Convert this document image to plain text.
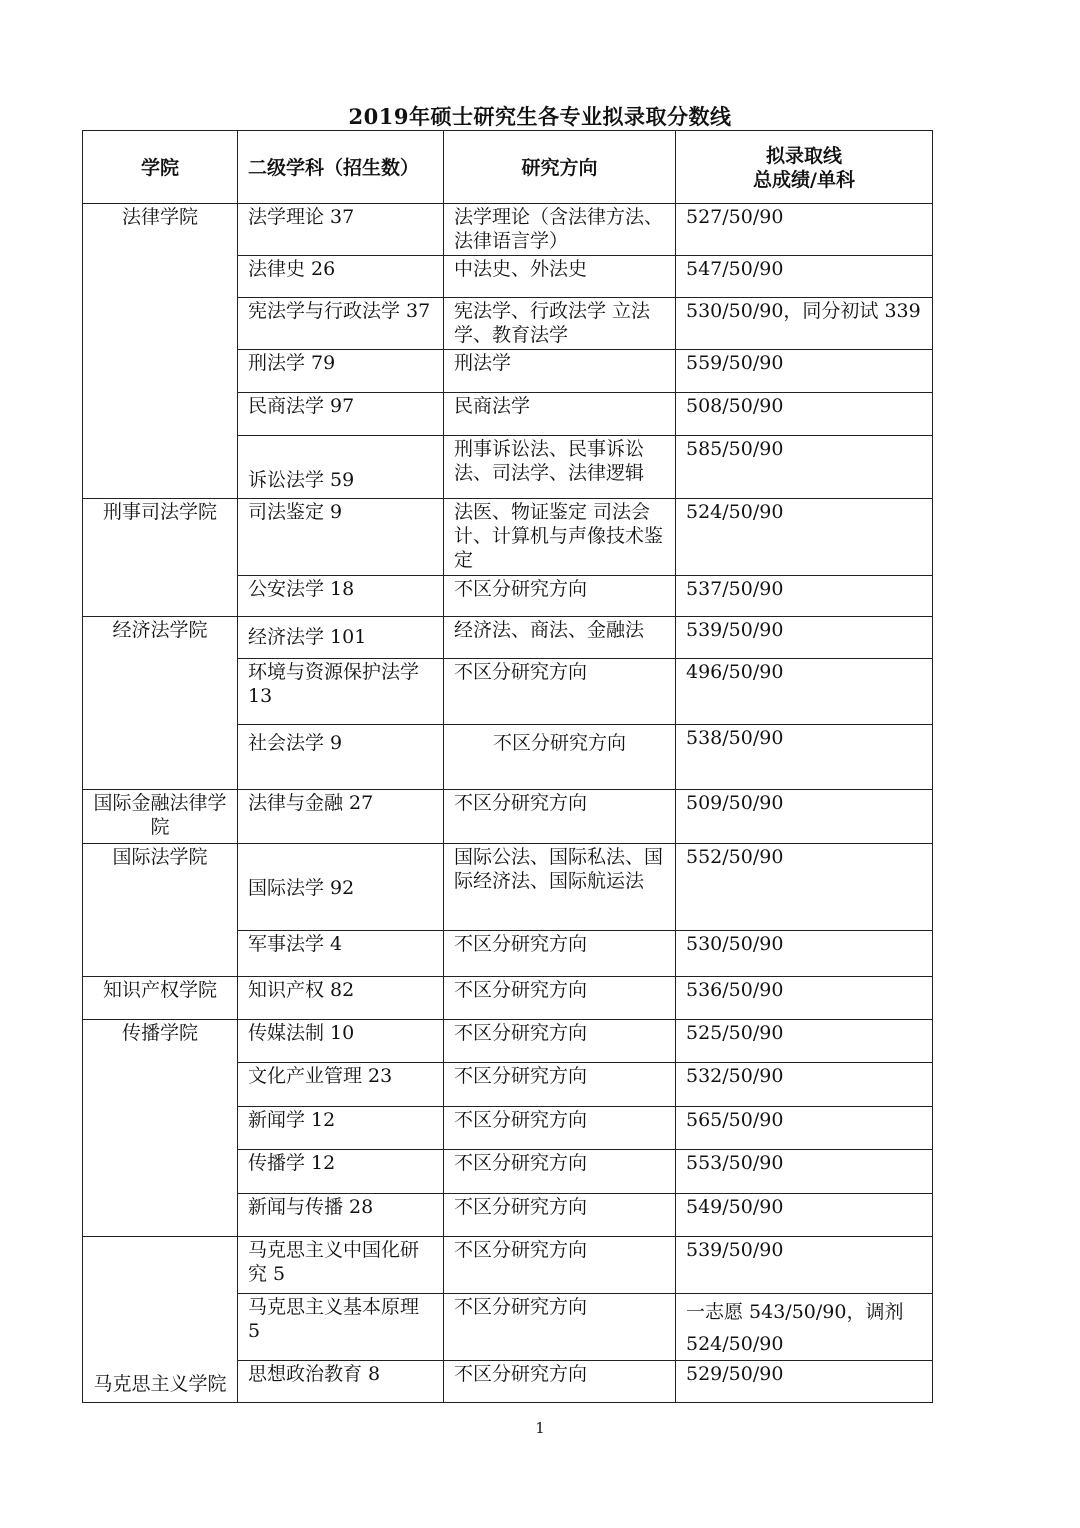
2019年硕士研究生各专业拟录取分数线
学院	二级学科（招生数）	研究方向	拟录取线
总成绩/单科

法律学院	法学理论 37	法学理论（含法律方法、法律语言学）	527/50/90
	法律史 26	中法史、外法史	547/50/90
	宪法学与行政法学 37	宪法学、行政法学 立法学、教育法学	530/50/90，同分初试 339
	刑法学 79	刑法学	559/50/90
	民商法学 97	民商法学	508/50/90
	诉讼法学 59	刑事诉讼法、民事诉讼法、司法学、法律逻辑	585/50/90
刑事司法学院	司法鉴定 9	法医、物证鉴定 司法会计、计算机与声像技术鉴定	524/50/90
	公安法学 18	不区分研究方向	537/50/90
经济法学院	经济法学 101	经济法、商法、金融法	539/50/90
	环境与资源保护法学 13	不区分研究方向	496/50/90
	社会法学 9	不区分研究方向	538/50/90
国际金融法律学院	法律与金融 27	不区分研究方向	509/50/90
国际法学院	国际法学 92	国际公法、国际私法、国际经济法、国际航运法	552/50/90
	军事法学 4	不区分研究方向	530/50/90
知识产权学院	知识产权 82	不区分研究方向	536/50/90
传播学院	传媒法制 10	不区分研究方向	525/50/90
	文化产业管理 23	不区分研究方向	532/50/90
	新闻学 12	不区分研究方向	565/50/90
	传播学 12	不区分研究方向	553/50/90
	新闻与传播 28	不区分研究方向	549/50/90
马克思主义学院	马克思主义中国化研究 5	不区分研究方向	539/50/90
	马克思主义基本原理 5	不区分研究方向	一志愿 543/50/90，调剂 524/50/90
	思想政治教育 8	不区分研究方向	529/50/90
1
